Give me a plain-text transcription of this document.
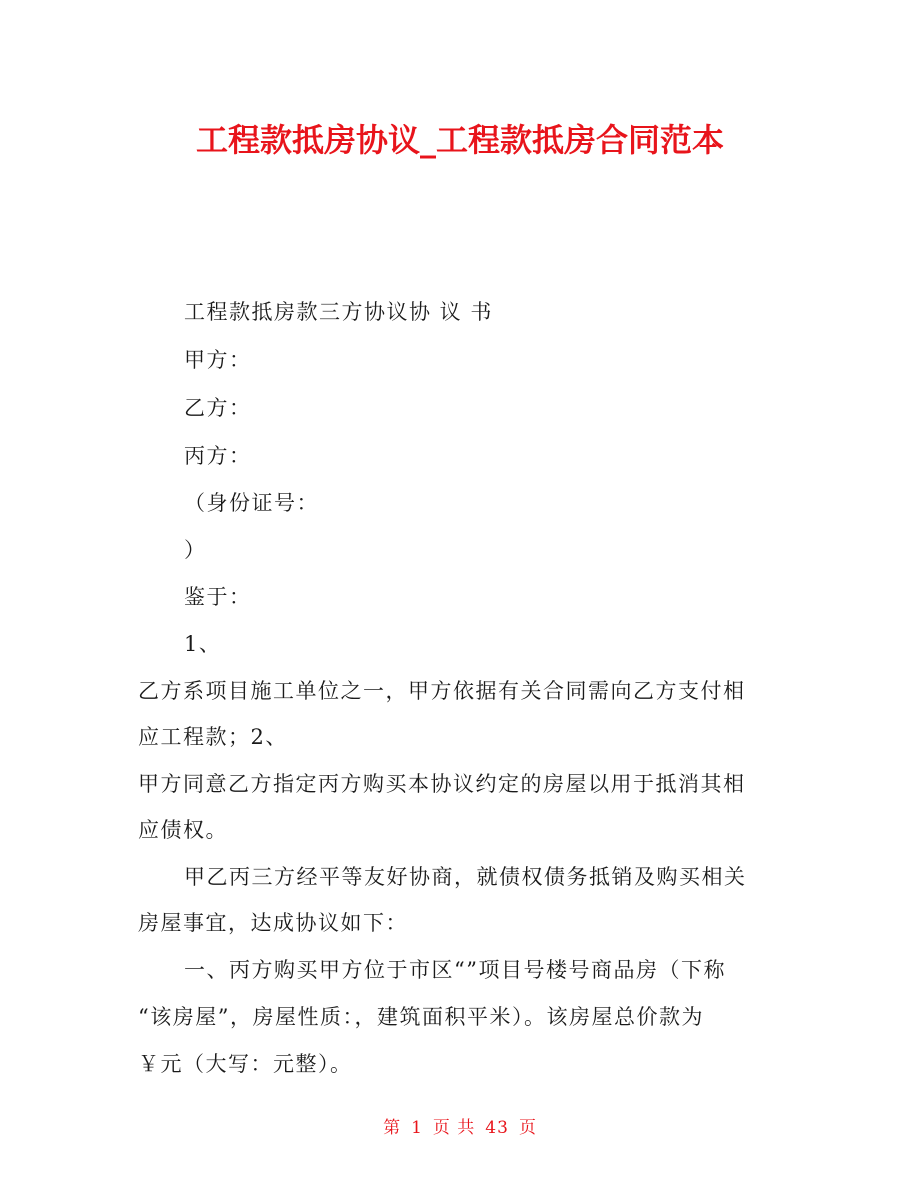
工程款抵房协议_工程款抵房合同范本
工程款抵房款三方协议协 议 书
甲方：
乙方：
丙方：
（身份证号：
）
鉴于：
1、
乙方系项目施工单位之一，甲方依据有关合同需向乙方支付相
应工程款；2、
甲方同意乙方指定丙方购买本协议约定的房屋以用于抵消其相
应债权。
甲乙丙三方经平等友好协商，就债权债务抵销及购买相关
房屋事宜，达成协议如下：
一、丙方购买甲方位于市区“”项目号楼号商品房（下称
“该房屋”，房屋性质：，建筑面积平米）。该房屋总价款为
￥元（大写：元整）。
第 1 页 共 43 页
